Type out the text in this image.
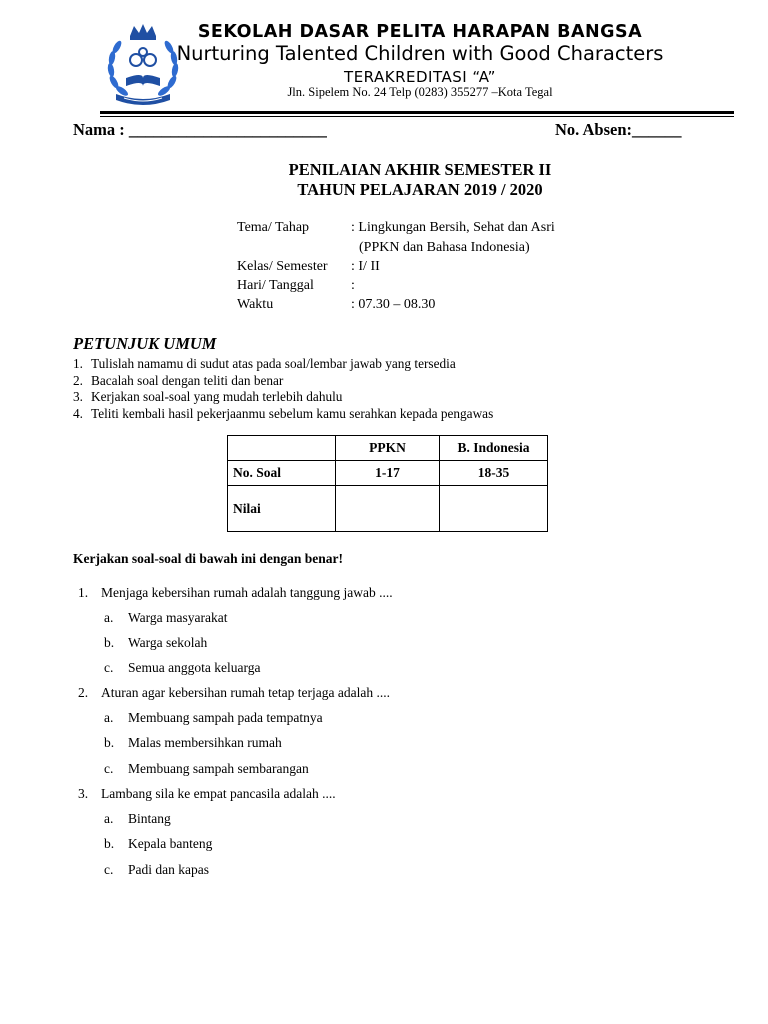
SEKOLAH DASAR PELITA HARAPAN BANGSA
Nurturing Talented Children with Good Characters
TERAKREDITASI “A”
Jln. Sipelem No. 24 Telp (0283) 355277 –Kota Tegal
Nama : ________________________	No. Absen:______
PENILAIAN AKHIR SEMESTER II
TAHUN PELAJARAN 2019 / 2020
Tema/ Tahap	: Lingkungan Bersih, Sehat dan Asri
(PPKN dan Bahasa Indonesia)
Kelas/ Semester : I/ II
Hari/ Tanggal	:
Waktu	: 07.30 – 08.30
PETUNJUK UMUM
1. Tulislah namamu di sudut atas pada soal/lembar jawab yang tersedia
2. Bacalah soal dengan teliti dan benar
3. Kerjakan soal-soal yang mudah terlebih dahulu
4. Teliti kembali hasil pekerjaanmu sebelum kamu serahkan kepada pengawas
	PPKN	B. Indonesia
No. Soal	1-17	18-35
Nilai		
Kerjakan soal-soal di bawah ini dengan benar!
1. Menjaga kebersihan rumah adalah tanggung jawab ....
a. Warga masyarakat
b. Warga sekolah
c. Semua anggota keluarga
2. Aturan agar kebersihan rumah tetap terjaga adalah ....
a. Membuang sampah pada tempatnya
b. Malas membersihkan rumah
c. Membuang sampah sembarangan
3. Lambang sila ke empat pancasila adalah ....
a. Bintang
b. Kepala banteng
c. Padi dan kapas
